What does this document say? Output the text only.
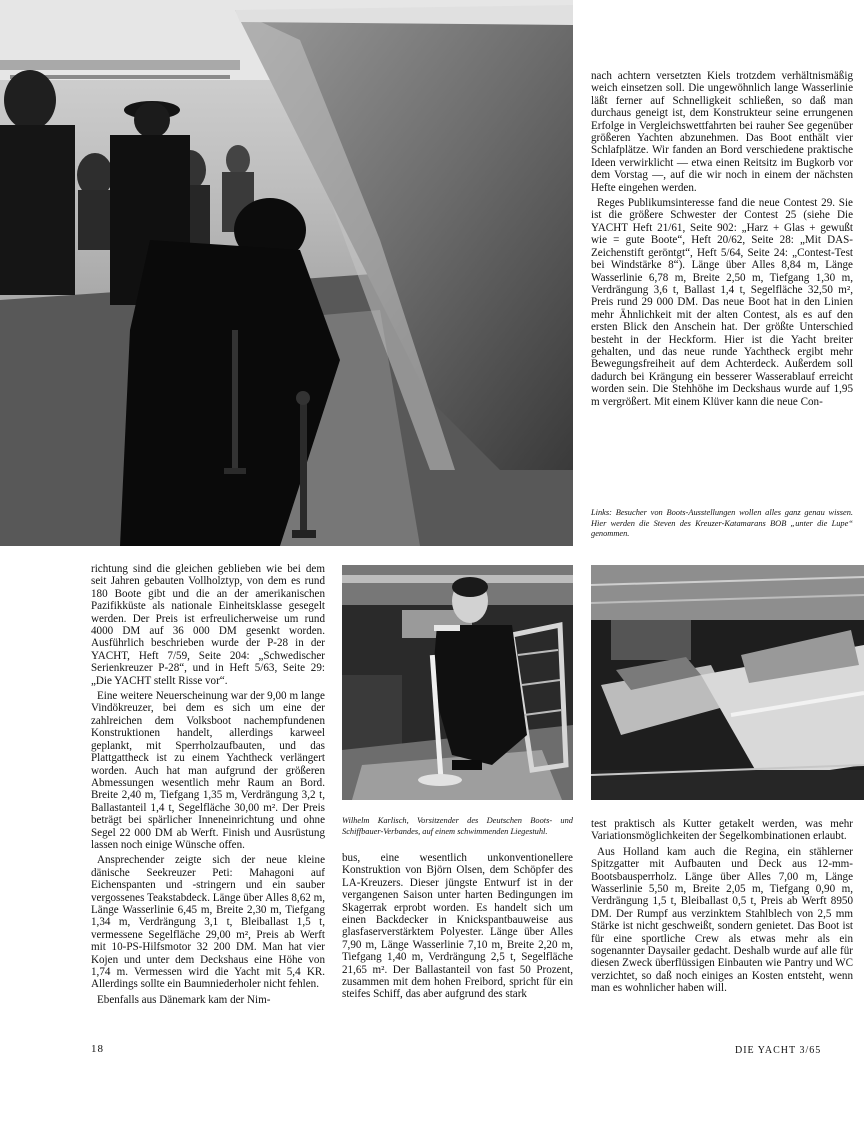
nach achtern versetzten Kiels trotzdem verhältnismäßig weich einsetzen soll. Die ungewöhnlich lange Wasserlinie läßt ferner auf Schnelligkeit schließen, so daß man durchaus geneigt ist, dem Konstrukteur seine errungenen Erfolge in Vergleichswettfahrten bei rauher See gegenüber größeren Yachten abzunehmen. Das Boot enthält vier Schlafplätze. Wir fanden an Bord verschiedene praktische Ideen verwirklicht — etwa einen Reitsitz im Bugkorb vor dem Vorstag —, auf die wir noch in einem der nächsten Hefte eingehen werden.

Reges Publikumsinteresse fand die neue Contest 29. Sie ist die größere Schwester der Contest 25 (siehe Die YACHT Heft 21/61, Seite 902: „Harz + Glas + gewußt wie = gute Boote“, Heft 20/62, Seite 28: „Mit DAS-Zeichenstift geröntgt“, Heft 5/64, Seite 24: „Contest-Test bei Windstärke 8“). Länge über Alles 8,84 m, Länge Wasserlinie 6,78 m, Breite 2,50 m, Tiefgang 1,30 m, Verdrängung 3,6 t, Ballast 1,4 t, Segelfläche 32,50 m², Preis rund 29 000 DM. Das neue Boot hat in den Linien mehr Ähnlichkeit mit der alten Contest, als es auf den ersten Blick den Anschein hat. Der größte Unterschied besteht in der Heckform. Hier ist die Yacht breiter gehalten, und das neue runde Yachtheck ergibt mehr Bewegungsfreiheit auf dem Achterdeck. Außerdem soll dadurch bei Krängung ein besserer Wasserablauf erreicht worden sein. Die Stehhöhe im Deckshaus wurde auf 1,95 m vergrößert. Mit einem Klüver kann die neue Con-

Links: Besucher von Boots-Ausstellungen wollen alles ganz genau wissen. Hier werden die Steven des Kreuzer-Katamarans BOB „unter die Lupe“ genommen.

richtung sind die gleichen geblieben wie bei dem seit Jahren gebauten Vollholztyp, von dem es rund 180 Boote gibt und die an der amerikanischen Pazifikküste als nationale Einheitsklasse gesegelt werden. Der Preis ist erfreulicherweise um rund 4000 DM auf 36 000 DM gesenkt worden. Ausführlich beschrieben wurde der P-28 in der YACHT, Heft 7/59, Seite 204: „Schwedischer Serienkreuzer P-28“, und in Heft 5/63, Seite 29: „Die YACHT stellt Risse vor“.

Eine weitere Neuerscheinung war der 9,00 m lange Vindökreuzer, bei dem es sich um eine der zahlreichen dem Volksboot nachempfundenen Konstruktionen handelt, allerdings karweel geplankt, mit Sperrholzaufbauten, und das Plattgattheck ist zu einem Yachtheck verlängert worden. Auch hat man aufgrund der größeren Abmessungen wesentlich mehr Raum an Bord. Breite 2,40 m, Tiefgang 1,35 m, Verdrängung 3,2 t, Ballastanteil 1,4 t, Segelfläche 30,00 m². Der Preis beträgt bei spärlicher Inneneinrichtung und ohne Segel 22 000 DM ab Werft. Finish und Ausrüstung lassen noch einige Wünsche offen.

Ansprechender zeigte sich der neue kleine dänische Seekreuzer Peti: Mahagoni auf Eichenspanten und -stringern und ein sauber vergossenes Teakstabdeck. Länge über Alles 8,62 m, Länge Wasserlinie 6,45 m, Breite 2,30 m, Tiefgang 1,34 m, Verdrängung 3,1 t, Bleiballast 1,5 t, vermessene Segelfläche 29,00 m², Preis ab Werft mit 10-PS-Hilfsmotor 32 200 DM. Man hat vier Kojen und unter dem Deckshaus eine Höhe von 1,74 m. Vermessen wird die Yacht mit 5,4 KR. Allerdings sollte ein Baumniederholer nicht fehlen.

Ebenfalls aus Dänemark kam der Nim-

Wilhelm Karlisch, Vorsitzender des Deutschen Boots- und Schiffbauer-Verbandes, auf einem schwimmenden Liegestuhl.

bus, eine wesentlich unkonventionellere Konstruktion von Björn Olsen, dem Schöpfer des LA-Kreuzers. Dieser jüngste Entwurf ist in der vergangenen Saison unter harten Bedingungen im Skagerrak erprobt worden. Es handelt sich um einen Backdecker in Knickspantbauweise aus glasfaserverstärktem Polyester. Länge über Alles 7,90 m, Länge Wasserlinie 7,10 m, Breite 2,20 m, Tiefgang 1,40 m, Verdrängung 2,5 t, Segelfläche 21,65 m². Der Ballastanteil von fast 50 Prozent, zusammen mit dem hohen Freibord, spricht für ein steifes Schiff, das aber aufgrund des stark

test praktisch als Kutter getakelt werden, was mehr Variationsmöglichkeiten der Segelkombinationen erlaubt.

Aus Holland kam auch die Regina, ein stählerner Spitzgatter mit Aufbauten und Deck aus 12-mm-Bootsbausperrholz. Länge über Alles 7,00 m, Länge Wasserlinie 5,50 m, Breite 2,05 m, Tiefgang 0,90 m, Verdrängung 1,5 t, Bleiballast 0,5 t, Preis ab Werft 8950 DM. Der Rumpf aus verzinktem Stahlblech von 2,5 mm Stärke ist nicht geschweißt, sondern genietet. Das Boot ist für eine sportliche Crew als etwas mehr als ein sogenannter Daysailer gedacht. Deshalb wurde auf alle für diesen Zweck überflüssigen Einbauten wie Pantry und WC verzichtet, so daß noch einiges an Kosten entsteht, wenn man es wohnlicher haben will.

18	DIE YACHT 3/65
